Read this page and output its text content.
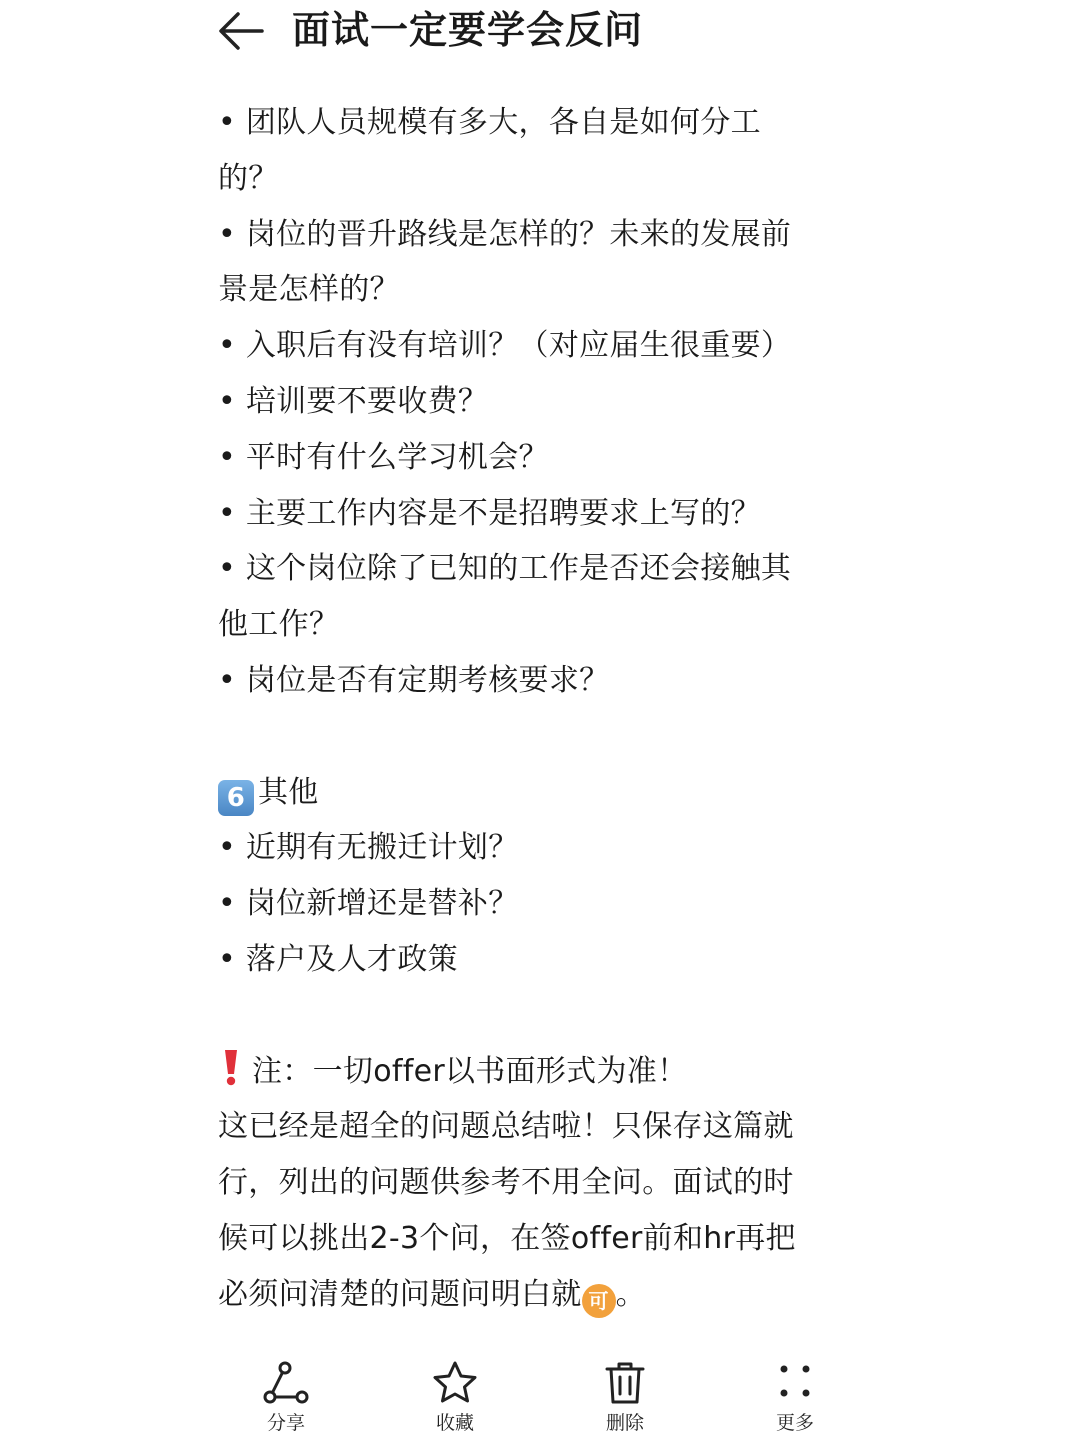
面试一定要学会反问
• 团队人员规模有多大，各自是如何分工
的？
• 岗位的晋升路线是怎样的？未来的发展前
景是怎样的？
• 入职后有没有培训？（对应届生很重要）
• 培训要不要收费？
• 平时有什么学习机会？
• 主要工作内容是不是招聘要求上写的？
• 这个岗位除了已知的工作是否还会接触其
他工作？
• 岗位是否有定期考核要求？
6 其他
• 近期有无搬迁计划？
• 岗位新增还是替补？
• 落户及人才政策
注：一切offer以书面形式为准！
这已经是超全的问题总结啦！只保存这篇就
行，列出的问题供参考不用全问。面试的时
候可以挑出2-3个问，在签offer前和hr再把
必须问清楚的问题问明白就 可 。
分享	收藏	删除	更多
